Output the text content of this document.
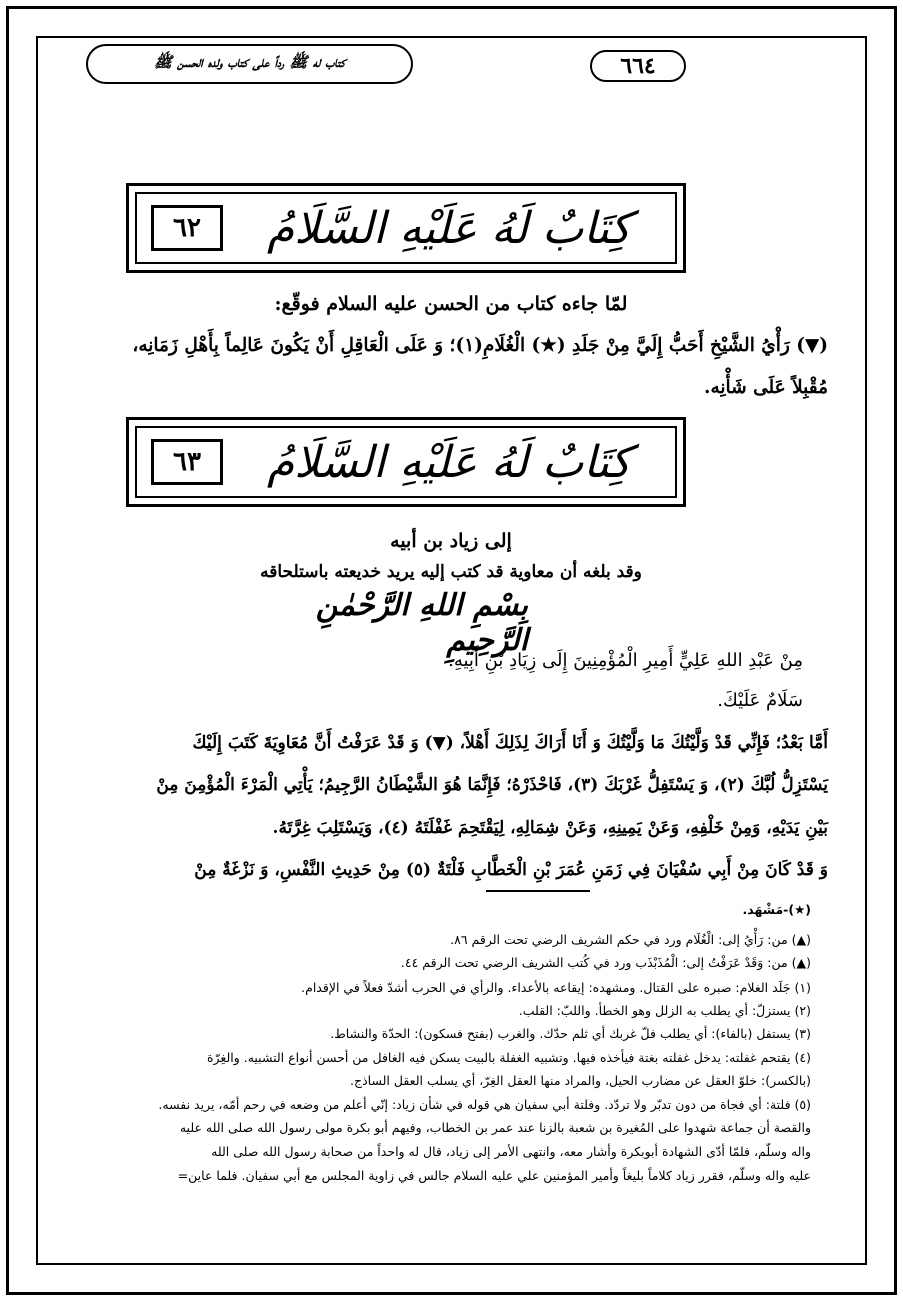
كتاب له ﷺ رداً على كتاب ولده الحسن ﷺ	٦٦٤
٦٢	كِتَابٌ لَهُ عَلَيْهِ السَّلَامُ
لمّا جاءه كتاب من الحسن عليه السلام فوقّع:
(▼) رَأْيُ الشَّيْخِ أَحَبُّ إِلَيَّ مِنْ جَلَدِ (★) الْغُلَامِ(١)؛ وَ عَلَى الْعَاقِلِ أَنْ يَكُونَ عَالِماً بِأَهْلِ زَمَانِه،
مُقْبِلاً عَلَى شَأْنِه.
٦٣	كِتَابٌ لَهُ عَلَيْهِ السَّلَامُ
إلى زياد بن أبيه
وقد بلغه أن معاوية قد كتب إليه يريد خديعته باستلحاقه
بِسْمِ اللهِ الرَّحْمٰنِ الرَّحِيمِ
مِنْ عَبْدِ اللهِ عَلِيٍّ أَمِيرِ الْمُؤْمِنِينَ إِلَى زِيَادِ بْنِ أَبِيهِ.
سَلَامٌ عَلَيْكَ.
أَمَّا بَعْدُ؛ فَإِنِّي قَدْ وَلَّيْتُكَ مَا وَلَّيْتُكَ وَ أَنَا أَرَاكَ لِذَلِكَ أَهْلاً، (▼) وَ قَدْ عَرَفْتُ أَنَّ مُعَاوِيَةَ كَتَبَ إِلَيْكَ
يَسْتَزِلُّ لُبَّكَ (٢)، وَ يَسْتَفِلُّ غَرْبَكَ (٣)، فَاحْذَرْهُ؛ فَإِنَّمَا هُوَ الشَّيْطَانُ الرَّجِيمُ؛ يَأْتِي الْمَرْءَ الْمُؤْمِنَ مِنْ
بَيْنِ يَدَيْهِ، وَمِنْ خَلْفِهِ، وَعَنْ يَمِينِهِ، وَعَنْ شِمَالِهِ، لِيَقْتَحِمَ غَفْلَتَهُ (٤)، وَيَسْتَلِبَ غِرَّتَهُ.
وَ قَدْ كَانَ مِنْ أَبِي سُفْيَانَ فِي زَمَنِ عُمَرَ بْنِ الْخَطَّابِ فَلْتَةٌ (٥) مِنْ حَدِيثِ النَّفْسِ، وَ نَزْغَةٌ مِنْ
(★)-مَشْهَد.
(▲) من: رَأْيُ إلى: الْغُلَام ورد في حكم الشريف الرضي تحت الرقم ٨٦.
(▲) من: وَقَدْ عَرَفْتُ إلى: الْمُذَبْذَب ورد في كُتب الشريف الرضي تحت الرقم ٤٤.
(١) جَلَد الغلام: صبره على القتال. ومشهده: إيقاعه بالأعداء. والرأي في الحرب أشدّ فعلاً في الإقدام.
(٢) يستزلّ: أي يطلب به الزلل وهو الخطأ. واللبّ: القلب.
(٣) يستفل (بالفاء): أي يطلب فلّ غربك أي ثلم حدّك. والغرب (بفتح فسكون): الحدّة والنشاط.
(٤) يقتحم غفلته: يدخل غفلته بغتة فيأخذه فيها. وتشبيه الغفلة بالبيت يسكن فيه الغافل من أحسن أنواع التشبيه. والغِرّة
(بالكسر): خلوّ العقل عن مضارب الحيل، والمراد منها العقل الغِرّ، أي يسلب العقل الساذج.
(٥) فلتة: أي فجاة من دون تدبّر ولا تردّد. وفلتة أبي سفيان هي قوله في شأن زياد: إنّي أعلم من وضعه في رحم أمّه، يريد نفسه.
والقصة أن جماعة شهدوا على المُغيرة بن شعبة بالزنا عند عمر بن الخطاب، وفيهم أبو بكرة مولى رسول الله صلى الله عليه
واله وسلّم، فلمّا أدّى الشهادة أبوبكرة وأشار معه، وانتهى الأمر إلى زياد، قال له واحداً من صحابة رسول الله صلى الله
عليه واله وسلّم، فقرر زياد كلاماً بليغاً وأمير المؤمنين علي عليه السلام جالس في زاوية المجلس مع أبي سفيان. فلما عاين=
